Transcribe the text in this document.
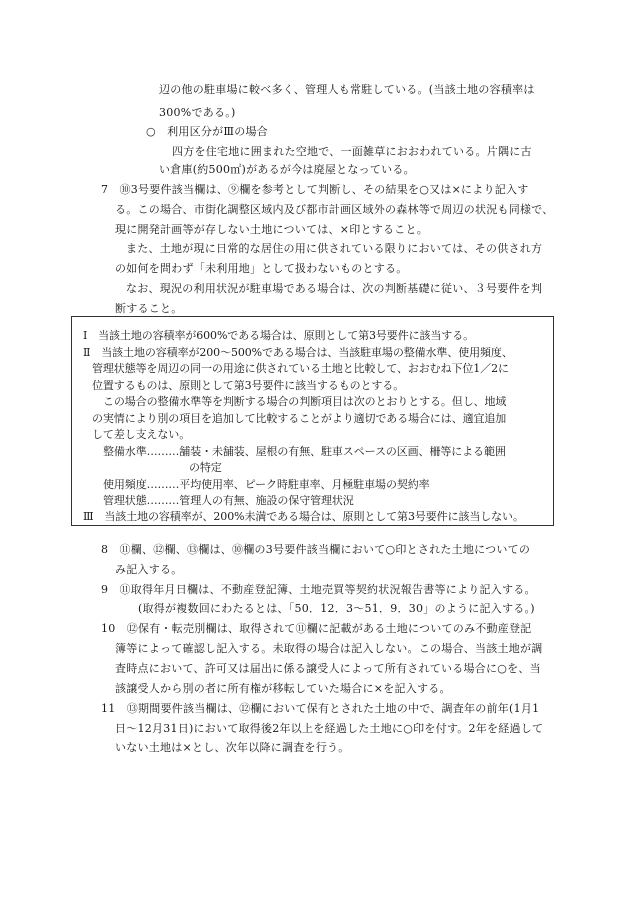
辺の他の駐車場に較べ多く、管理人も常駐している。(当該土地の容積率は
300%である。)
○　利用区分がⅢの場合
四方を住宅地に囲まれた空地で、一面雑草におおわれている。片隅に古
い倉庫(約500㎡)があるが今は廃屋となっている。
7　⑩3号要件該当欄は、⑨欄を参考として判断し、その結果を○又は×により記入す
る。この場合、市街化調整区域内及び都市計画区域外の森林等で周辺の状況も同様で、
現に開発計画等が存しない土地については、×印とすること。
また、土地が現に日常的な居住の用に供されている限りにおいては、その供され方
の如何を問わず「未利用地」として扱わないものとする。
なお、現況の利用状況が駐車場である場合は、次の判断基礎に従い、３号要件を判
断すること。
Ⅰ　当該土地の容積率が600%である場合は、原則として第3号要件に該当する。
Ⅱ　当該土地の容積率が200～500%である場合は、当該駐車場の整備水準、使用頻度、
管理状態等を周辺の同一の用途に供されている土地と比較して、おおむね下位1／2に
位置するものは、原則として第3号要件に該当するものとする。
この場合の整備水準等を判断する場合の判断項目は次のとおりとする。但し、地域
の実情により別の項目を追加して比較することがより適切である場合には、適宜追加
して差し支えない。
整備水準………舗装・未舗装、屋根の有無、駐車スペースの区画、柵等による範囲
の特定
使用頻度………平均使用率、ピーク時駐車率、月極駐車場の契約率
管理状態………管理人の有無、施設の保守管理状況
Ⅲ　当該土地の容積率が、200%未満である場合は、原則として第3号要件に該当しない。
8　⑪欄、⑫欄、⑬欄は、⑩欄の3号要件該当欄において○印とされた土地についての
み記入する。
9　⑪取得年月日欄は、不動産登記簿、土地売買等契約状況報告書等により記入する。
(取得が複数回にわたるとは、「50．12．3～51．9．30」のように記入する。)
10　⑫保有・転売別欄は、取得されて⑪欄に記載がある土地についてのみ不動産登記
簿等によって確認し記入する。未取得の場合は記入しない。この場合、当該土地が調
査時点において、許可又は届出に係る譲受人によって所有されている場合に○を、当
該譲受人から別の者に所有権が移転していた場合に×を記入する。
11　⑬期間要件該当欄は、⑫欄において保有とされた土地の中で、調査年の前年(1月1
日～12月31日)において取得後2年以上を経過した土地に○印を付す。2年を経過して
いない土地は×とし、次年以降に調査を行う。
